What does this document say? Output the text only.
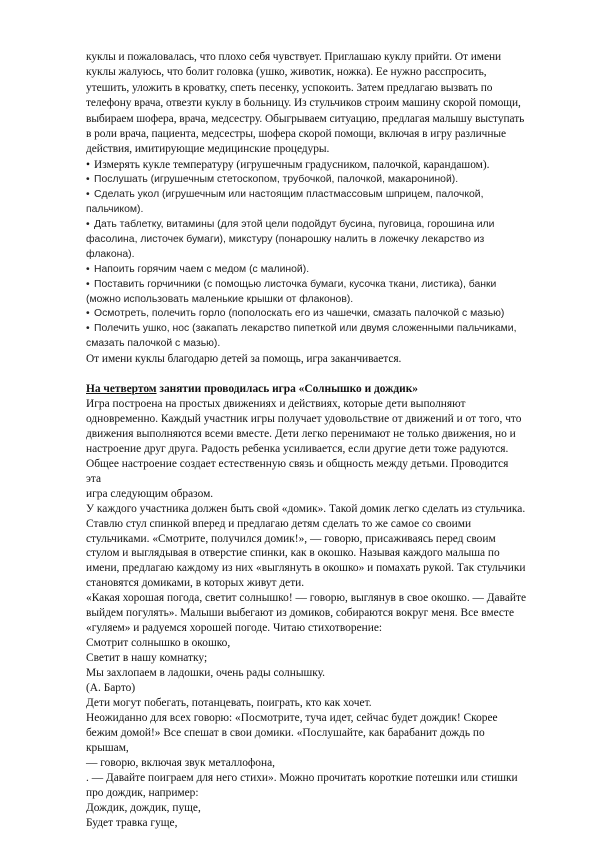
куклы и пожаловалась, что плохо себя чувствует. Приглашаю куклу прийти. От имени куклы жалуюсь, что болит головка (ушко, животик, ножка). Ее нужно расспросить, утешить, уложить в кроватку, спеть песенку, успокоить. Затем предлагаю вызвать по телефону врача, отвезти куклу в больницу. Из стульчиков строим машину скорой помощи, выбираем шофера, врача, медсестру. Обыгрываем ситуацию, предлагая малышу выступать в роли врача, пациента, медсестры, шофера скорой помощи, включая в игру различные действия, имитирующие медицинские процедуры.

• Измерять кукле температуру (игрушечным градусником, палочкой, карандашом).
• Послушать (игрушечным стетоскопом, трубочкой, палочкой, макарониной).
• Сделать укол (игрушечным или настоящим пластмассовым шприцем, палочкой, пальчиком).
• Дать таблетку, витамины (для этой цели подойдут бусина, пуговица, горошина или фасолина, листочек бумаги), микстуру (понарошку налить в ложечку лекарство из флакона).
• Напоить горячим чаем с медом (с малиной).
• Поставить горчичники (с помощью листочка бумаги, кусочка ткани, листика), банки (можно использовать маленькие крышки от флаконов).
• Осмотреть, полечить горло (пополоскать его из чашечки, смазать палочкой с мазью)
• Полечить ушко, нос (закапать лекарство пипеткой или двумя сложенными пальчиками, смазать палочкой с мазью).

От имени куклы благодарю детей за помощь, игра заканчивается.

На четвертом занятии проводилась игра «Солнышко и дождик»

Игра построена на простых движениях и действиях, которые дети выполняют

одновременно. Каждый участник игры получает удовольствие от движений и от того, что

движения выполняются всеми вместе. Дети легко перенимают не только движения, но и

настроение друг друга. Радость ребенка усиливается, если другие дети тоже радуются.

Общее настроение создает естественную связь и общность между детьми. Проводится эта

игра следующим образом.

У каждого участника должен быть свой «домик». Такой домик легко сделать из стульчика.

Ставлю стул спинкой вперед и предлагаю детям сделать то же самое со своими

стульчиками. «Смотрите, получился домик!», — говорю, присаживаясь перед своим

стулом и выглядывая в отверстие спинки, как в окошко. Называя каждого малыша по

имени, предлагаю каждому из них «выглянуть в окошко» и помахать рукой. Так стульчики

становятся домиками, в которых живут дети.

«Какая хорошая погода, светит солнышко! — говорю, выглянув в свое окошко. — Давайте

выйдем погулять». Малыши выбегают из домиков, собираются вокруг меня. Все вместе

«гуляем» и радуемся хорошей погоде. Читаю стихотворение:

Смотрит солнышко в окошко,

Светит в нашу комнатку;

Мы захлопаем в ладошки, очень рады солнышку.

(А. Барто)

Дети могут побегать, потанцевать, поиграть, кто как хочет.

Неожиданно для всех говорю: «Посмотрите, туча идет, сейчас будет дождик! Скорее

бежим домой!» Все спешат в свои домики. «Послушайте, как барабанит дождь по крышам,

— говорю, включая звук металлофона,

. — Давайте поиграем для него стихи». Можно прочитать короткие потешки или стишки

про дождик, например:

Дождик, дождик, пуще,

Будет травка гуще,
